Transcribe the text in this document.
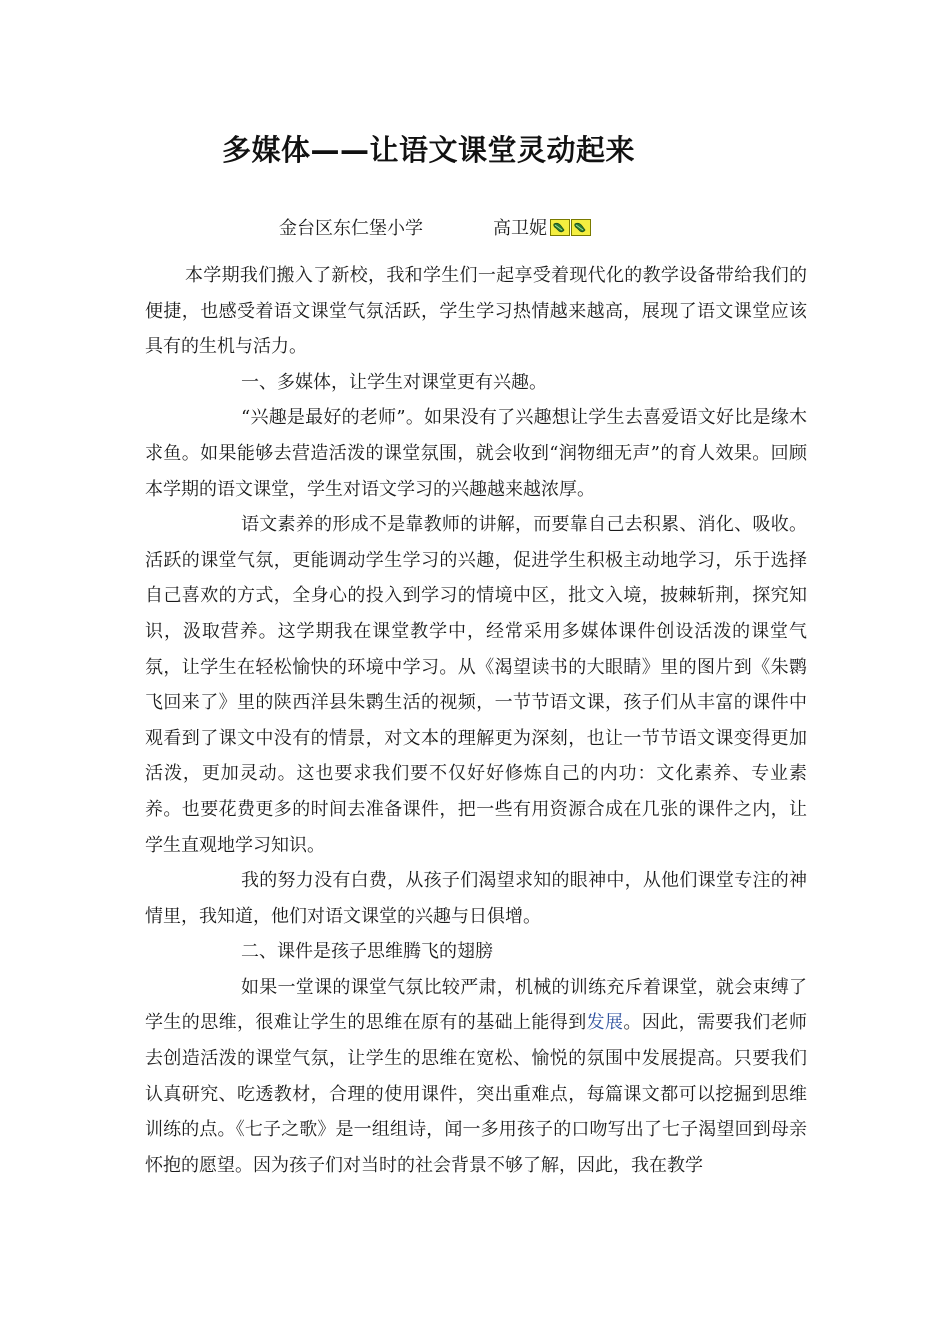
多媒体——让语文课堂灵动起来
金台区东仁堡小学	高卫妮

本学期我们搬入了新校，我和学生们一起享受着现代化的教学设备带给我们的便捷，也感受着语文课堂气氛活跃，学生学习热情越来越高，展现了语文课堂应该具有的生机与活力。

一、多媒体，让学生对课堂更有兴趣。

“兴趣是最好的老师”。如果没有了兴趣想让学生去喜爱语文好比是缘木求鱼。如果能够去营造活泼的课堂氛围，就会收到“润物细无声”的育人效果。回顾本学期的语文课堂，学生对语文学习的兴趣越来越浓厚。

语文素养的形成不是靠教师的讲解，而要靠自己去积累、消化、吸收。活跃的课堂气氛，更能调动学生学习的兴趣，促进学生积极主动地学习，乐于选择自己喜欢的方式，全身心的投入到学习的情境中区，批文入境，披棘斩荆，探究知识，汲取营养。这学期我在课堂教学中，经常采用多媒体课件创设活泼的课堂气氛，让学生在轻松愉快的环境中学习。从《渴望读书的大眼睛》里的图片到《朱鹮飞回来了》里的陕西洋县朱鹮生活的视频，一节节语文课，孩子们从丰富的课件中观看到了课文中没有的情景，对文本的理解更为深刻，也让一节节语文课变得更加活泼，更加灵动。这也要求我们要不仅好好修炼自己的内功：文化素养、专业素养。也要花费更多的时间去准备课件，把一些有用资源合成在几张的课件之内，让学生直观地学习知识。

我的努力没有白费，从孩子们渴望求知的眼神中，从他们课堂专注的神情里，我知道，他们对语文课堂的兴趣与日俱增。

二、课件是孩子思维腾飞的翅膀

如果一堂课的课堂气氛比较严肃，机械的训练充斥着课堂，就会束缚了学生的思维，很难让学生的思维在原有的基础上能得到发展。因此，需要我们老师去创造活泼的课堂气氛，让学生的思维在宽松、愉悦的氛围中发展提高。只要我们认真研究、吃透教材，合理的使用课件，突出重难点，每篇课文都可以挖掘到思维训练的点。《七子之歌》是一组组诗，闻一多用孩子的口吻写出了七子渴望回到母亲怀抱的愿望。因为孩子们对当时的社会背景不够了解，因此，我在教学
